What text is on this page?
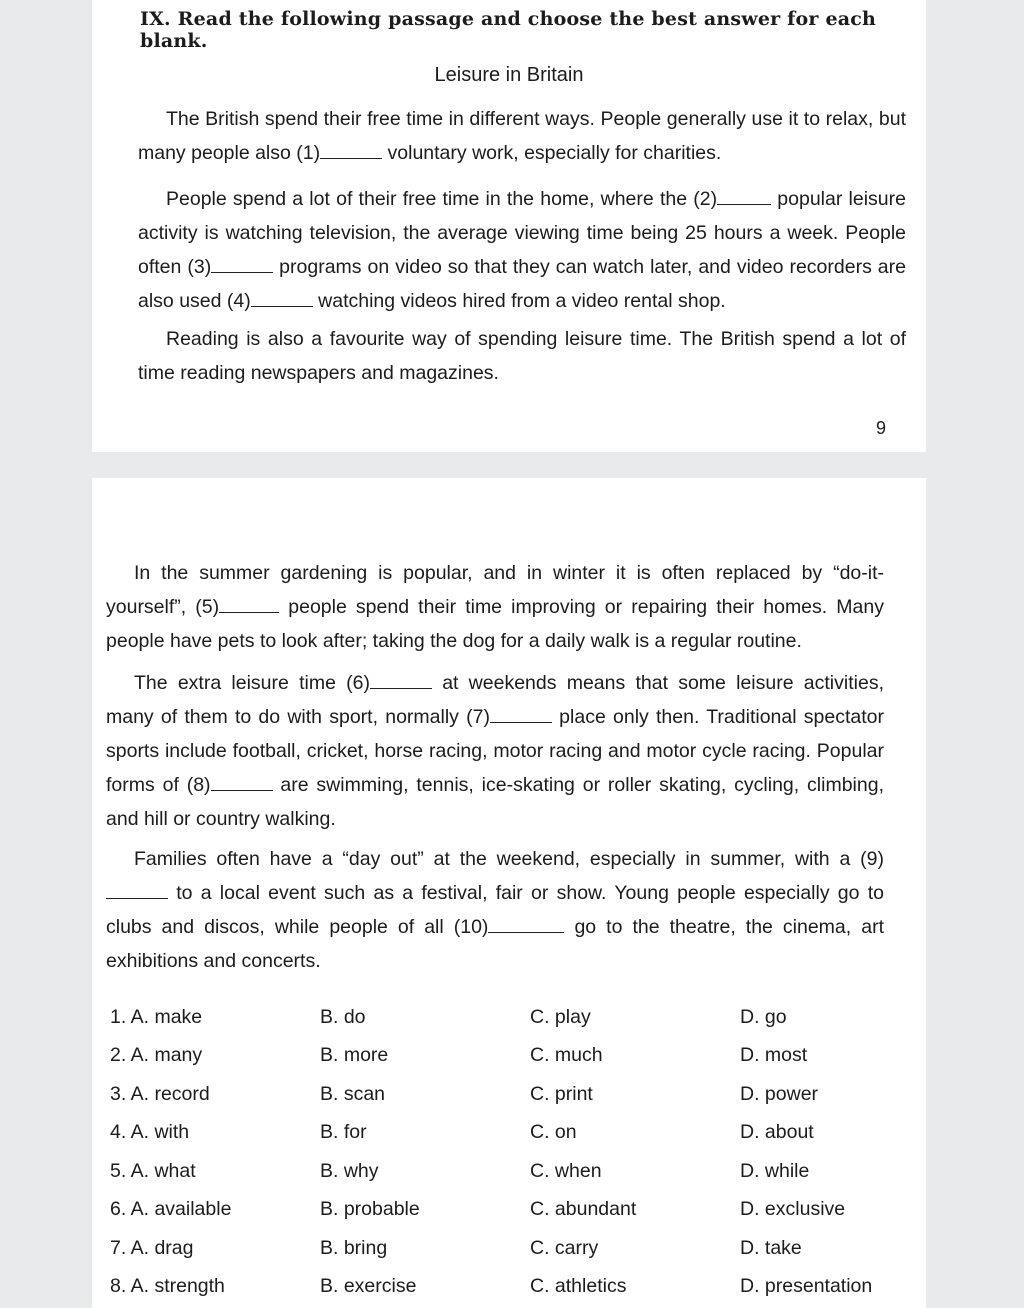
IX. Read the following passage and choose the best answer for each blank.
Leisure in Britain
The British spend their free time in different ways. People generally use it to relax, but many people also (1)	voluntary work, especially for charities.
People spend a lot of their free time in the home, where the (2)	popular leisure activity is watching television, the average viewing time being 25 hours a week. People often (3)	programs on video so that they can watch later, and video recorders are also used (4)	watching videos hired from a video rental shop.
Reading is also a favourite way of spending leisure time. The British spend a lot of time reading newspapers and magazines.
9
In the summer gardening is popular, and in winter it is often replaced by “do-it-yourself”, (5)	people spend their time improving or repairing their homes. Many people have pets to look after; taking the dog for a daily walk is a regular routine.
The extra leisure time (6)	at weekends means that some leisure activities, many of them to do with sport, normally (7)	place only then. Traditional spectator sports include football, cricket, horse racing, motor racing and motor cycle racing. Popular forms of (8)	are swimming, tennis, ice-skating or roller skating, cycling, climbing, and hill or country walking.
Families often have a “day out” at the weekend, especially in summer, with a (9) to a local event such as a festival, fair or show. Young people especially go to clubs and discos, while people of all (10)	go to the theatre, the cinema, art exhibitions and concerts.
1. A. make	B. do	C. play	D. go
2. A. many	B. more	C. much	D. most
3. A. record	B. scan	C. print	D. power
4. A. with	B. for	C. on	D. about
5. A. what	B. why	C. when	D. while
6. A. available	B. probable	C. abundant	D. exclusive
7. A. drag	B. bring	C. carry	D. take
8. A. strength	B. exercise	C. athletics	D. presentation
